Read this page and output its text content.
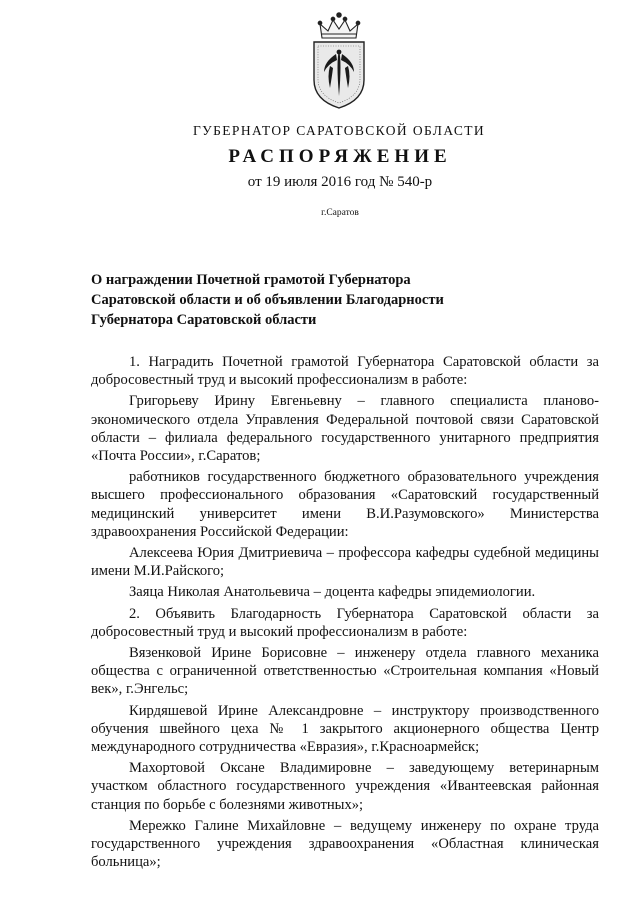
ГУБЕРНАТОР САРАТОВСКОЙ ОБЛАСТИ
РАСПОРЯЖЕНИЕ
от 19 июля 2016 год № 540-р
г.Саратов
О награждении Почетной грамотой Губернатора
Саратовской области и об объявлении Благодарности
Губернатора Саратовской области

1. Наградить Почетной грамотой Губернатора Саратовской области за добросовестный труд и высокий профессионализм в работе:

Григорьеву Ирину Евгеньевну – главного специалиста планово-экономического отдела Управления Федеральной почтовой связи Саратовской области – филиала федерального государственного унитарного предприятия «Почта России», г.Саратов;

работников государственного бюджетного образовательного учреждения высшего профессионального образования «Саратовский государственный медицинский университет имени В.И.Разумовского» Министерства здравоохранения Российской Федерации:

Алексеева Юрия Дмитриевича – профессора кафедры судебной медицины имени М.И.Райского;

Заяца Николая Анатольевича – доцента кафедры эпидемиологии.

2. Объявить Благодарность Губернатора Саратовской области за добросовестный труд и высокий профессионализм в работе:

Вязенковой Ирине Борисовне – инженеру отдела главного механика общества с ограниченной ответственностью «Строительная компания «Новый век», г.Энгельс;

Кирдяшевой Ирине Александровне – инструктору производственного обучения швейного цеха № 1 закрытого акционерного общества Центр международного сотрудничества «Евразия», г.Красноармейск;

Махортовой Оксане Владимировне – заведующему ветеринарным участком областного государственного учреждения «Ивантеевская районная станция по борьбе с болезнями животных»;

Мережко Галине Михайловне – ведущему инженеру по охране труда государственного учреждения здравоохранения «Областная клиническая больница»;
